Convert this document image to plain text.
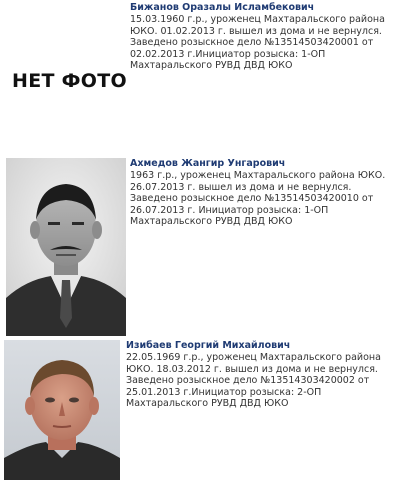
Бижанов Оразалы Исламбекович
15.03.1960 г.р., уроженец Махтаральского района ЮКО. 01.02.2013 г. вышел из дома и не вернулся. Заведено розыскное дело №13514503420001 от 02.02.2013 г.Инициатор розыска: 1-ОП Махтаральского РУВД ДВД ЮКО
НЕТ ФОТО
Ахмедов Жангир Унгарович
1963 г.р., уроженец Махтаральского района ЮКО. 26.07.2013 г. вышел из дома и не вернулся. Заведено розыскное дело №13514503420010 от 26.07.2013 г. Инициатор розыска: 1-ОП Махтаральского РУВД ДВД ЮКО
Изибаев Георгий Михайлович
22.05.1969 г.р., уроженец Махтаральского района ЮКО. 18.03.2012 г. вышел из дома и не вернулся. Заведено розыскное дело №13514303420002 от 25.01.2013 г.Инициатор розыска: 2-ОП Махтаральского РУВД ДВД ЮКО
